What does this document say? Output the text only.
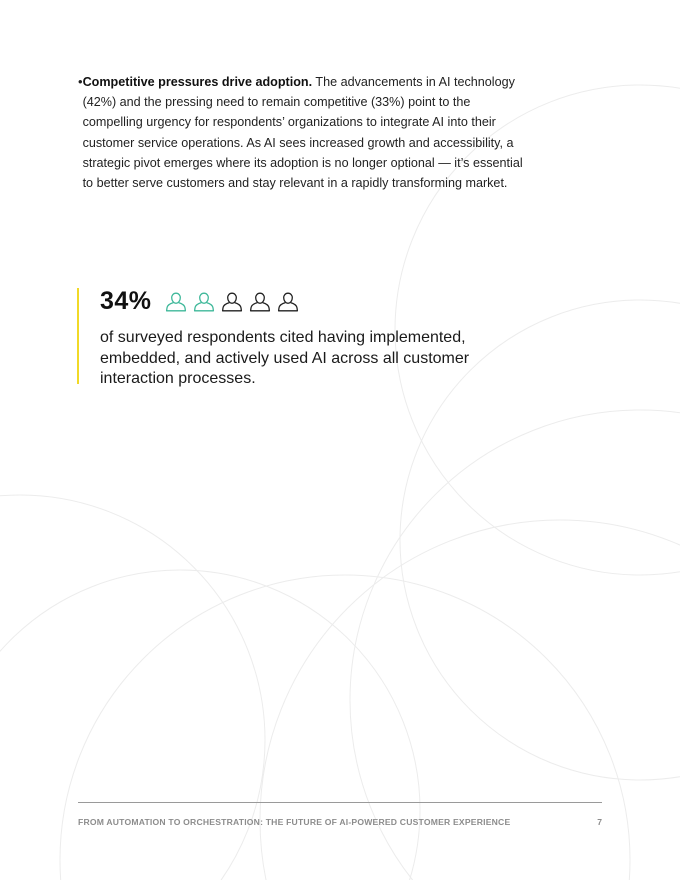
• Competitive pressures drive adoption. The advancements in AI technology (42%) and the pressing need to remain competitive (33%) point to the compelling urgency for respondents’ organizations to integrate AI into their customer service operations. As AI sees increased growth and accessibility, a strategic pivot emerges where its adoption is no longer optional — it’s essential to better serve customers and stay relevant in a rapidly transforming market.
34%
of surveyed respondents cited having implemented, embedded, and actively used AI across all customer interaction processes.
FROM AUTOMATION TO ORCHESTRATION: THE FUTURE OF AI-POWERED CUSTOMER EXPERIENCE	7
